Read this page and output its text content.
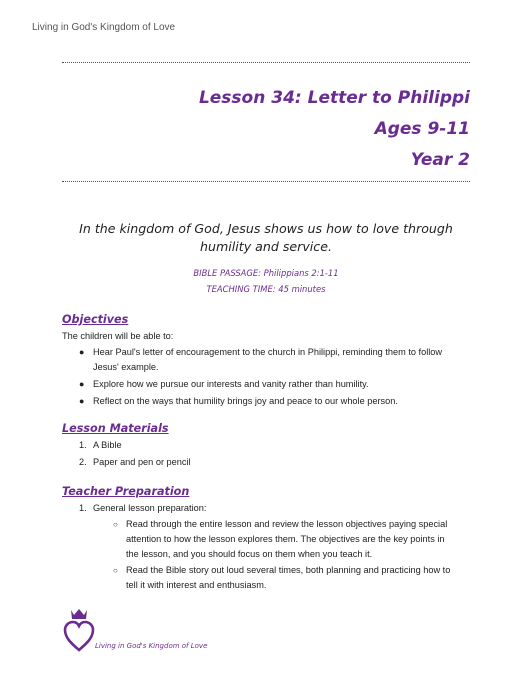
Living in God's Kingdom of Love
Lesson 34: Letter to Philippi
Ages 9-11
Year 2
In the kingdom of God, Jesus shows us how to love through humility and service.
BIBLE PASSAGE: Philippians 2:1-11
TEACHING TIME: 45 minutes
Objectives
The children will be able to:
● Hear Paul's letter of encouragement to the church in Philippi, reminding them to follow
Jesus' example.
● Explore how we pursue our interests and vanity rather than humility.
● Reflect on the ways that humility brings joy and peace to our whole person.
Lesson Materials
1. A Bible
2. Paper and pen or pencil
Teacher Preparation
1. General lesson preparation:
○ Read through the entire lesson and review the lesson objectives paying special
attention to how the lesson explores them. The objectives are the key points in
the lesson, and you should focus on them when you teach it.
○ Read the Bible story out loud several times, both planning and practicing how to
tell it with interest and enthusiasm.
Living in God's Kingdom of Love
